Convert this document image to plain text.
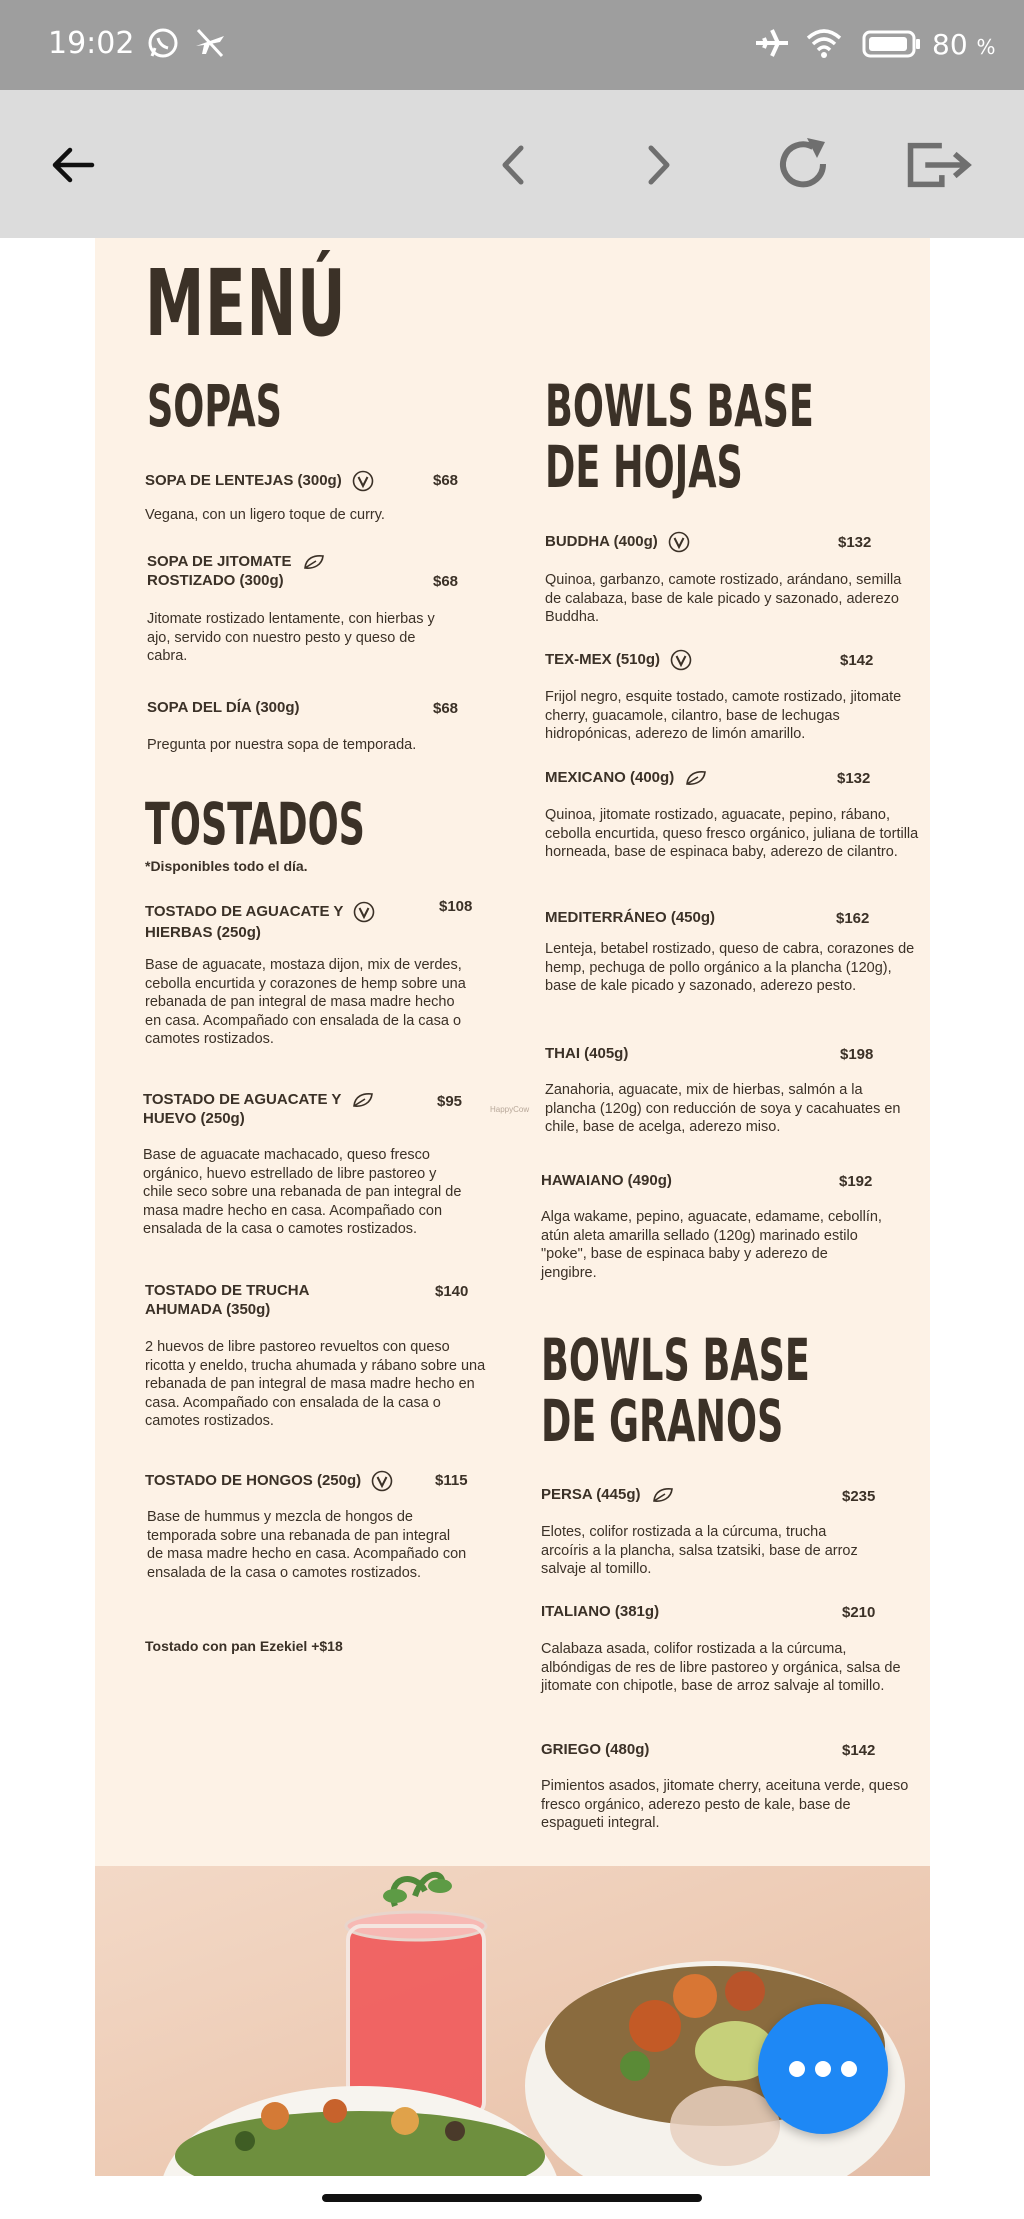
19:02	80 %
MENÚ
SOPAS
SOPA DE LENTEJAS (300g)	$68
Vegana, con un ligero toque de curry.
SOPA DE JITOMATE
ROSTIZADO (300g)	$68
Jitomate rostizado lentamente, con hierbas y ajo, servido con nuestro pesto y queso de cabra.
SOPA DEL DÍA (300g)	$68
Pregunta por nuestra sopa de temporada.
TOSTADOS
*Disponibles todo el día.
TOSTADO DE AGUACATE Y
HIERBAS (250g)
$108
Base de aguacate, mostaza dijon, mix de verdes, cebolla encurtida y corazones de hemp sobre una rebanada de pan integral de masa madre hecho en casa. Acompañado con ensalada de la casa o camotes rostizados.
TOSTADO DE AGUACATE Y
HUEVO (250g)
$95
Base de aguacate machacado, queso fresco orgánico, huevo estrellado de libre pastoreo y chile seco sobre una rebanada de pan integral de masa madre hecho en casa. Acompañado con ensalada de la casa o camotes rostizados.
TOSTADO DE TRUCHA
AHUMADA (350g)
$140
2 huevos de libre pastoreo revueltos con queso ricotta y eneldo, trucha ahumada y rábano sobre una rebanada de pan integral de masa madre hecho en casa. Acompañado con ensalada de la casa o camotes rostizados.
TOSTADO DE HONGOS (250g)	$115
Base de hummus y mezcla de hongos de temporada sobre una rebanada de pan integral de masa madre hecho en casa. Acompañado con ensalada de la casa o camotes rostizados.
Tostado con pan Ezekiel +$18
HappyCow
BOWLS BASE
DE HOJAS
BUDDHA (400g)	$132
Quinoa, garbanzo, camote rostizado, arándano, semilla de calabaza, base de kale picado y sazonado, aderezo Buddha.
TEX-MEX (510g)	$142
Frijol negro, esquite tostado, camote rostizado, jitomate cherry, guacamole, cilantro, base de lechugas hidropónicas, aderezo de limón amarillo.
MEXICANO (400g)	$132
Quinoa, jitomate rostizado, aguacate, pepino, rábano, cebolla encurtida, queso fresco orgánico, juliana de tortilla horneada, base de espinaca baby, aderezo de cilantro.
MEDITERRÁNEO (450g)	$162
Lenteja, betabel rostizado, queso de cabra, corazones de hemp, pechuga de pollo orgánico a la plancha (120g), base de kale picado y sazonado, aderezo pesto.
THAI (405g)	$198
Zanahoria, aguacate, mix de hierbas, salmón a la plancha (120g) con reducción de soya y cacahuates en chile, base de acelga, aderezo miso.
HAWAIANO (490g)	$192
Alga wakame, pepino, aguacate, edamame, cebollín, atún aleta amarilla sellado (120g) marinado estilo "poke", base de espinaca baby y aderezo de jengibre.
BOWLS BASE
DE GRANOS
PERSA (445g)	$235
Elotes, colifor rostizada a la cúrcuma, trucha arcoíris a la plancha, salsa tzatsiki, base de arroz salvaje al tomillo.
ITALIANO (381g)	$210
Calabaza asada, colifor rostizada a la cúrcuma, albóndigas de res de libre pastoreo y orgánica, salsa de jitomate con chipotle, base de arroz salvaje al tomillo.
GRIEGO (480g)	$142
Pimientos asados, jitomate cherry, aceituna verde, queso fresco orgánico, aderezo pesto de kale, base de espagueti integral.
